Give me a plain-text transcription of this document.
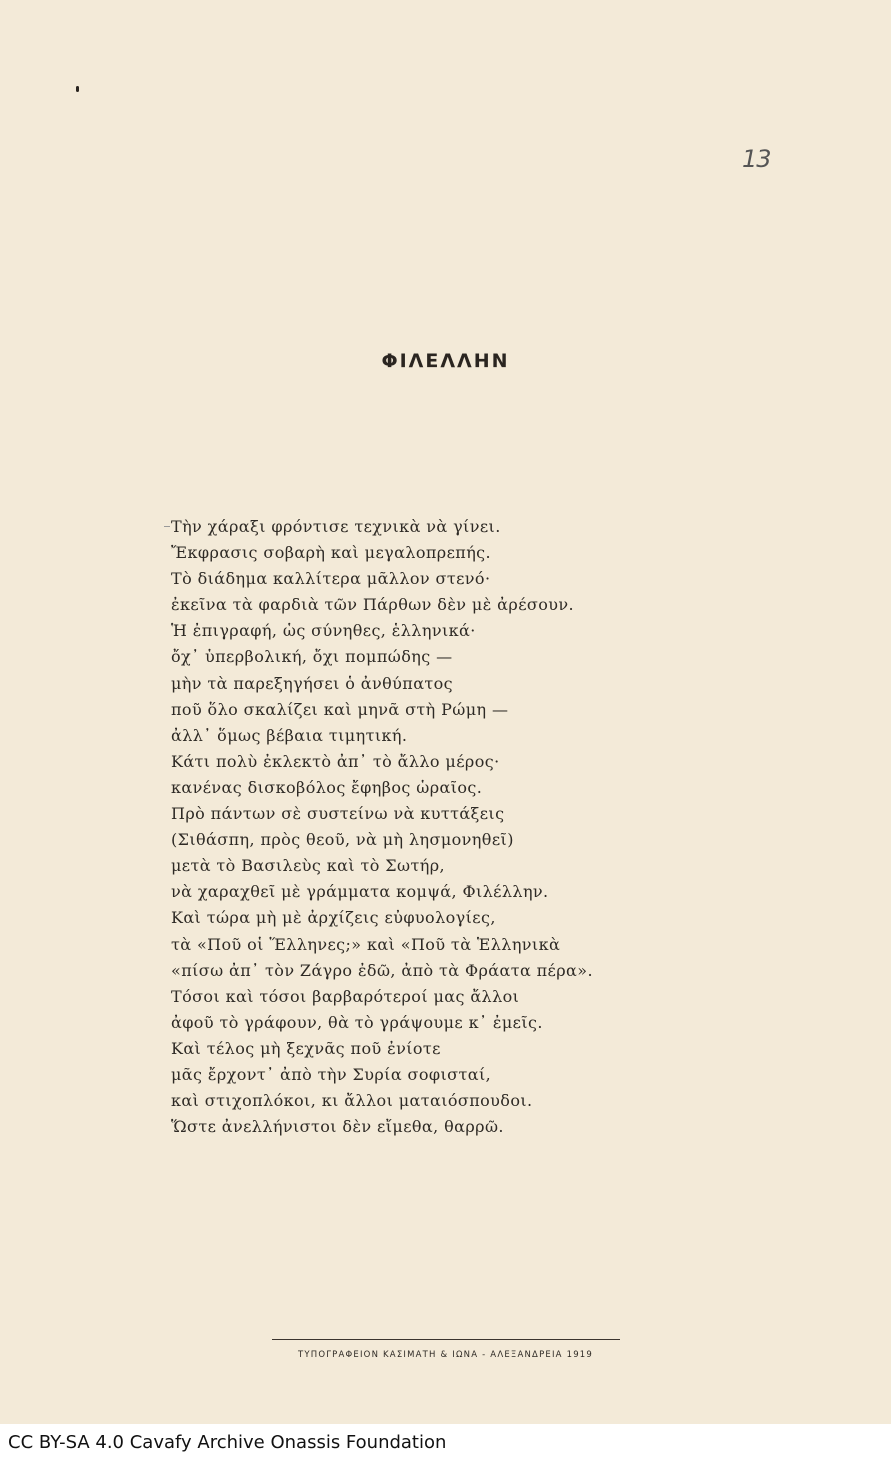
13
ΦΙΛΕΛΛΗΝ
Τὴν χάραξι φρόντισε τεχνικὰ νὰ γίνει.
Ἔκφρασις σοβαρὴ καὶ μεγαλοπρεπής.
Τὸ διάδημα καλλίτερα μᾶλλον στενό·
ἐκεῖνα τὰ φαρδιὰ τῶν Πάρθων δὲν μὲ ἀρέσουν.
Ἡ ἐπιγραφή, ὡς σύνηθες, ἑλληνικά·
ὄχ᾿ ὑπερβολική, ὄχι πομπώδης —
μὴν τὰ παρεξηγήσει ὁ ἀνθύπατος
ποῦ ὅλο σκαλίζει καὶ μηνᾶ στὴ Ρώμη —
ἀλλ᾿ ὅμως βέβαια τιμητική.
Κάτι πολὺ ἐκλεκτὸ ἀπ᾿ τὸ ἄλλο μέρος·
κανένας δισκοβόλος ἔφηβος ὡραῖος.
Πρὸ πάντων σὲ συστείνω νὰ κυττάξεις
(Σιθάσπη, πρὸς θεοῦ, νὰ μὴ λησμονηθεῖ)
μετὰ τὸ Βασιλεὺς καὶ τὸ Σωτήρ,
νὰ χαραχθεῖ μὲ γράμματα κομψά, Φιλέλλην.
Καὶ τώρα μὴ μὲ ἀρχίζεις εὐφυολογίες,
τὰ «Ποῦ οἱ Ἕλληνες;» καὶ «Ποῦ τὰ Ἑλληνικὰ
«πίσω ἀπ᾿ τὸν Ζάγρο ἐδῶ, ἀπὸ τὰ Φράατα πέρα».
Τόσοι καὶ τόσοι βαρβαρότεροί μας ἄλλοι
ἀφοῦ τὸ γράφουν, θὰ τὸ γράψουμε κ᾿ ἐμεῖς.
Καὶ τέλος μὴ ξεχνᾶς ποῦ ἐνίοτε
μᾶς ἔρχοντ᾿ ἀπὸ τὴν Συρία σοφισταί,
καὶ στιχοπλόκοι, κι ἄλλοι ματαιόσπουδοι.
Ὥστε ἀνελλήνιστοι δὲν εἴμεθα, θαρρῶ.
ΤΥΠΟΓΡΑΦΕΙΟΝ ΚΑΣΙΜΑΤΗ & ΙΩΝΑ - ΑΛΕΞΑΝΔΡΕΙΑ 1919
CC BY-SA 4.0 Cavafy Archive Onassis Foundation
